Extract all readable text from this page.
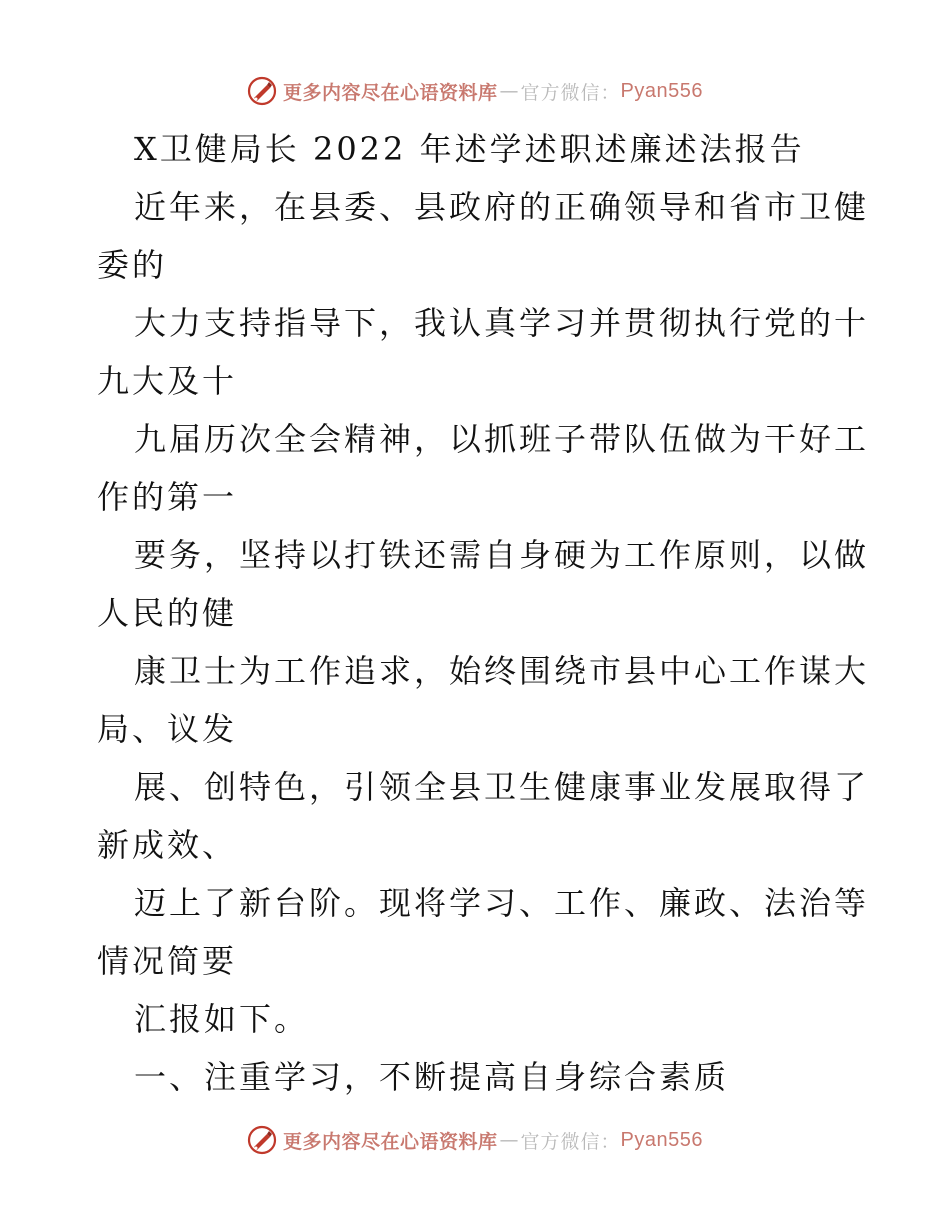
更多内容尽在心语资料库 — 官方微信： Pyan556
X卫健局长 2022 年述学述职述廉述法报告
近年来，在县委、县政府的正确领导和省市卫健
委的
大力支持指导下，我认真学习并贯彻执行党的十
九大及十
九届历次全会精神，以抓班子带队伍做为干好工
作的第一
要务，坚持以打铁还需自身硬为工作原则，以做
人民的健
康卫士为工作追求，始终围绕市县中心工作谋大
局、议发
展、创特色，引领全县卫生健康事业发展取得了
新成效、
迈上了新台阶。现将学习、工作、廉政、法治等
情况简要
汇报如下。
一、注重学习，不断提高自身综合素质
更多内容尽在心语资料库 — 官方微信： Pyan556
